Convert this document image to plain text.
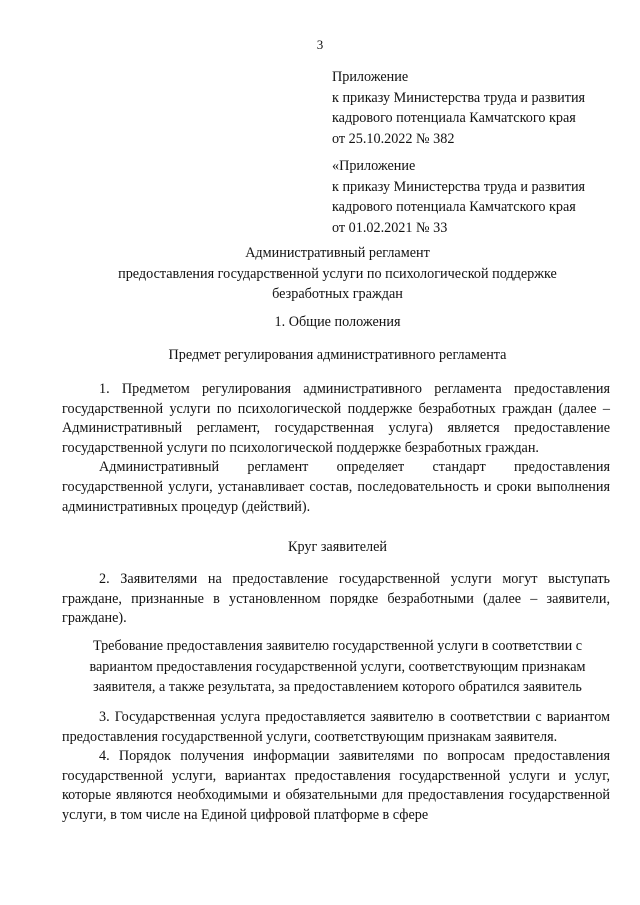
3
Приложение
к приказу Министерства труда и развития
кадрового потенциала Камчатского края
от 25.10.2022 № 382
«Приложение
к приказу Министерства труда и развития
кадрового потенциала Камчатского края
от 01.02.2021 № 33
Административный регламент
предоставления государственной услуги по психологической поддержке
безработных граждан
1. Общие положения
Предмет регулирования административного регламента

1. Предметом регулирования административного регламента предоставления государственной услуги по психологической поддержке безработных граждан (далее – Административный регламент, государственная услуга) является предоставление государственной услуги по психологической поддержке безработных граждан.

Административный регламент определяет стандарт предоставления государственной услуги, устанавливает состав, последовательность и сроки выполнения административных процедур (действий).

Круг заявителей

2. Заявителями на предоставление государственной услуги могут выступать граждане, признанные в установленном порядке безработными (далее – заявители, граждане).

Требование предоставления заявителю государственной услуги в соответствии с
вариантом предоставления государственной услуги, соответствующим признакам
заявителя, а также результата, за предоставлением которого обратился заявитель

3. Государственная услуга предоставляется заявителю в соответствии с вариантом предоставления государственной услуги, соответствующим признакам заявителя.

4. Порядок получения информации заявителями по вопросам предоставления государственной услуги, вариантах предоставления государственной услуги и услуг, которые являются необходимыми и обязательными для предоставления государственной услуги, в том числе на Единой цифровой платформе в сфере
